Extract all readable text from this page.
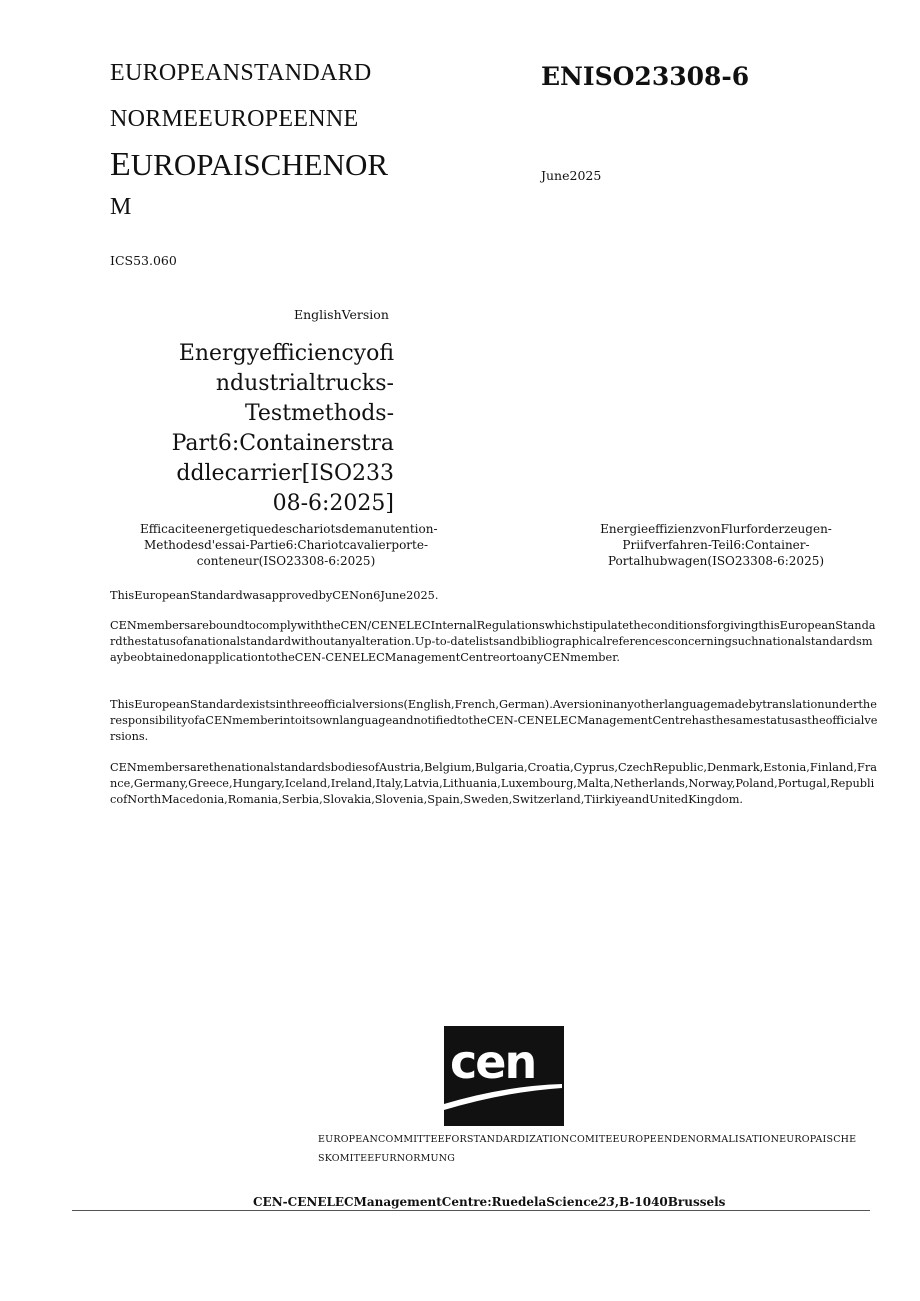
EUROPEANSTANDARD
NORMEEUROPEENNE
EUROPAISCHENOR
M
ENISO23308-6
June2025
ICS53.060
EnglishVersion
Energyefficiencyofi
ndustrialtrucks-
Testmethods-
Part6:Containerstra
ddlecarrier[ISO233
08-6:2025]
Efficaciteenergetiquedeschariotsdemanutention-Methodesd'essai-Partie6:Chariotcavalierporte-conteneur(ISO23308-6:2025)
EnergieeffizienzvonFlurforderzeugen-Priifverfahren-Teil6:Container-Portalhubwagen(ISO23308-6:2025)
ThisEuropeanStandardwasapprovedbyCENon6June2025.
CENmembersareboundtocomplywiththeCEN/CENELECInternalRegulationswhichstipulatetheconditionsforgivingthisEuropeanStandardthestatusofanationalstandardwithoutanyalteration.Up-to-datelistsandbibliographicalreferencesconcerningsuchnationalstandardsmaybeobtainedonapplicationtotheCEN-CENELECManagementCentreortoanyCENmember.
ThisEuropeanStandardexistsinthreeofficialversions(English,French,German).AversioninanyotherlanguagemadebytranslationundertheresponsibilityofaCENmemberintoitsownlanguageandnotifiedtotheCEN-CENELECManagementCentrehasthesamestatusastheofficialversions.
CENmembersarethenationalstandardsbodiesofAustria,Belgium,Bulgaria,Croatia,Cyprus,CzechRepublic,Denmark,Estonia,Finland,France,Germany,Greece,Hungary,Iceland,Ireland,Italy,Latvia,Lithuania,Luxembourg,Malta,Netherlands,Norway,Poland,Portugal,RepublicofNorthMacedonia,Romania,Serbia,Slovakia,Slovenia,Spain,Sweden,Switzerland,TiirkiyeandUnitedKingdom.
cen
EUROPEANCOMMITTEEFORSTANDARDIZATIONCOMITEEUROPEENDENORMALISATIONEUROPAISCHE
SKOMITEEFURNORMUNG
CEN-CENELECManagementCentre:RuedelaScience23,B-1040Brussels
